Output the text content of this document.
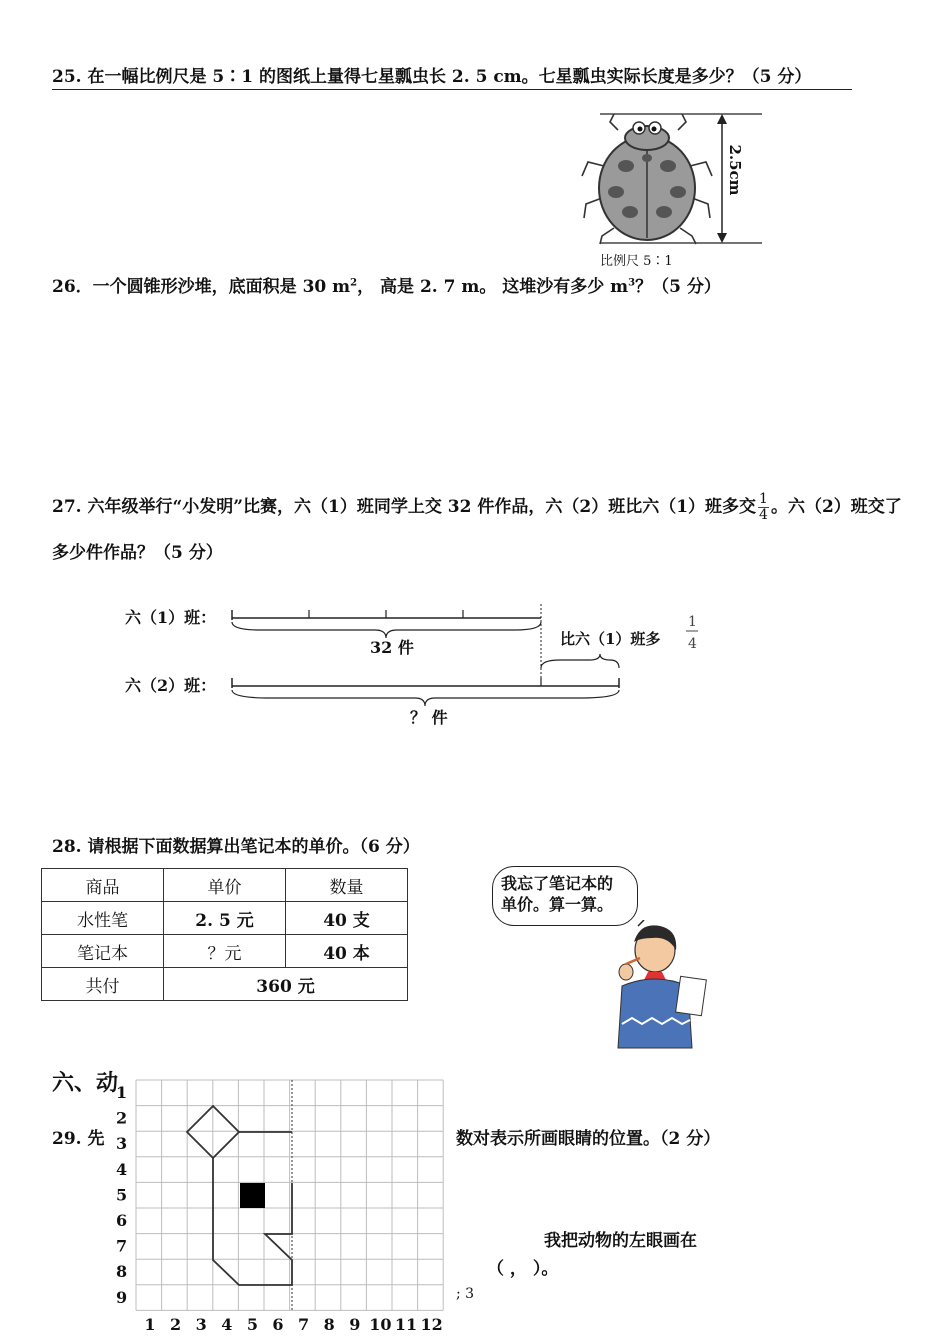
25. 在一幅比例尺是 5∶1 的图纸上量得七星瓢虫长 2. 5 cm。七星瓢虫实际长度是多少？（5 分）
2.5cm
比例尺 5∶1
26．一个圆锥形沙堆，底面积是 30 $m^2$， 高是 2. 7 m。 这堆沙有多少 $m^3$？（5 分）
27. 六年级举行“小发明”比赛，六（1）班同学上交 32 件作品，六（2）班比六（1）班多交 $\frac{1}{4}$ 。六（2）班交了
多少件作品？（5 分）
六（1）班：
32 件	比六（1）班多
1
4
六（2）班：
？ 件
28. 请根据下面数据算出笔记本的单价。（6 分）
商品	单价	数量
水性笔	2. 5 元	40 支
笔记本	？元	40 本
共付	360 元	
我忘了笔记本的
单价。算一算。
六、动
29. 先	数对表示所画眼睛的位置。（2 分）
1
2
3
4
5
6
7
8
9
1 2 3 4 5 6 7 8 9 10 11 12
我把动物的左眼画在
（ ， ）。
; 3
